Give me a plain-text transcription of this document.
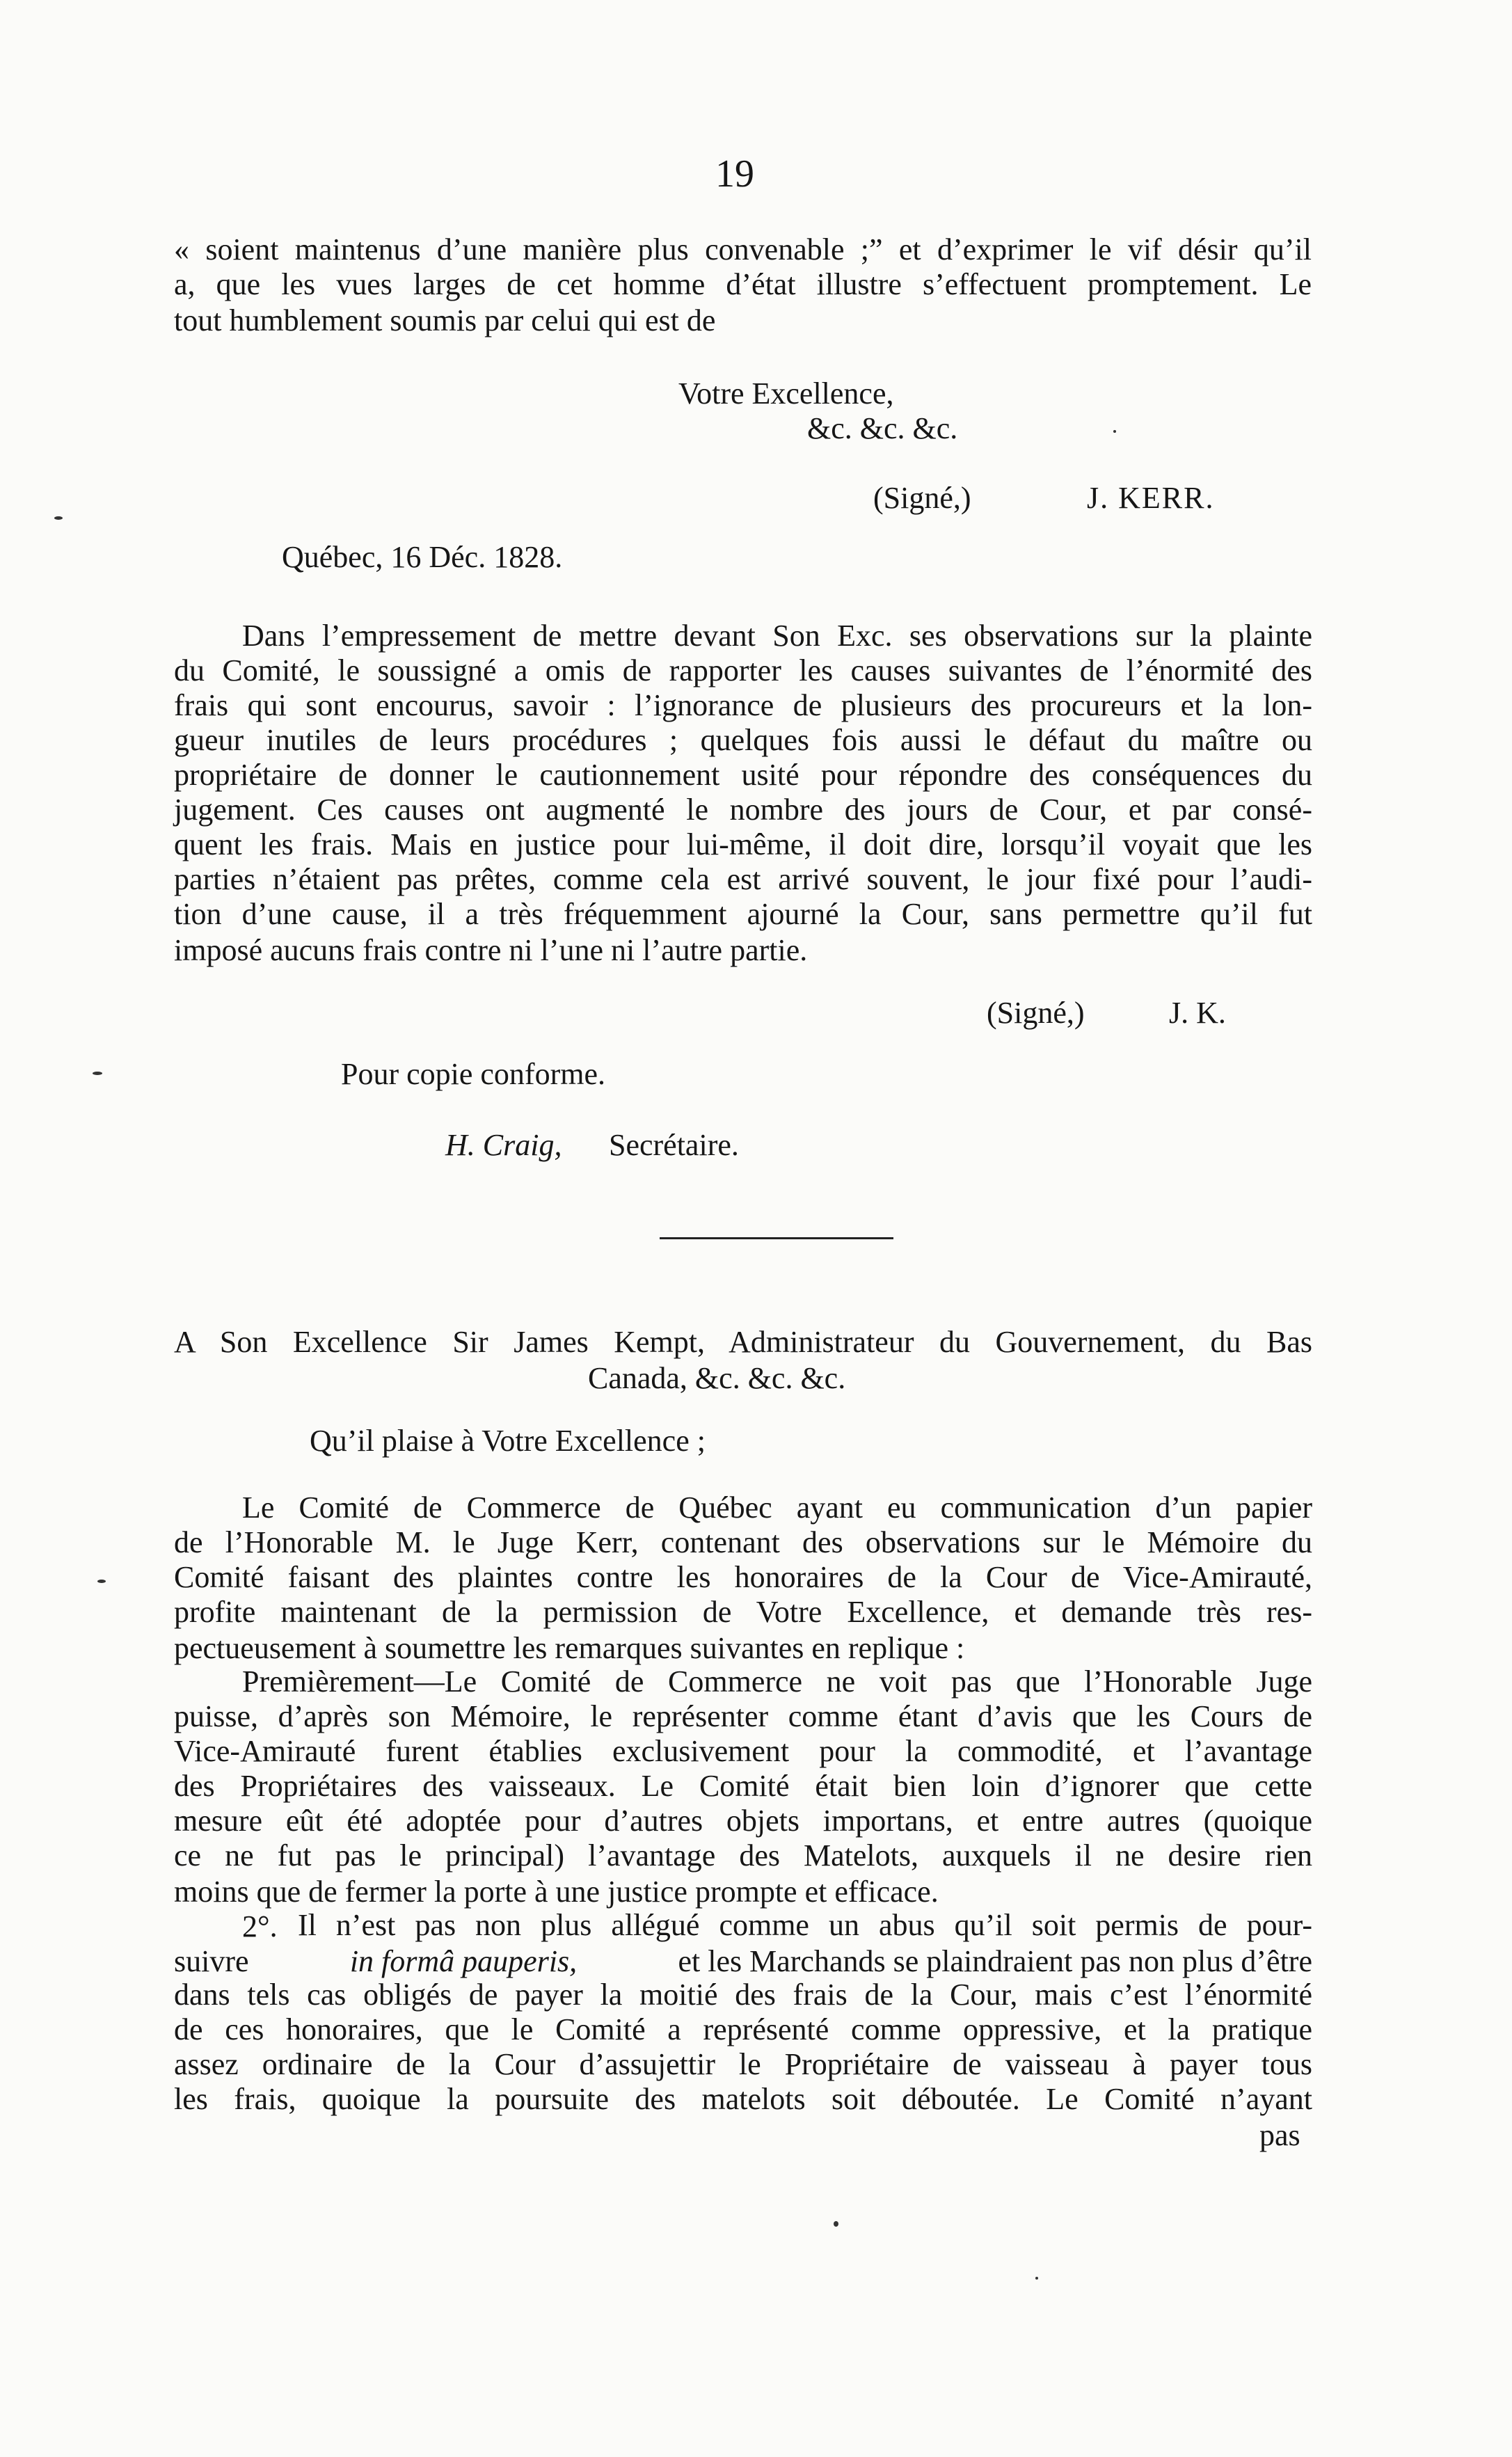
19
« soient maintenus d’une manière plus convenable ;” et d’exprimer le vif désir qu’il
a, que les vues larges de cet homme d’état illustre s’effectuent promptement. Le
tout humblement soumis par celui qui est de
Votre Excellence,
&c. &c. &c.
(Signé,)	J. KERR.
Québec, 16 Déc. 1828.
Dans l’empressement de mettre devant Son Exc. ses observations sur la plainte
du Comité, le soussigné a omis de rapporter les causes suivantes de l’énormité des
frais qui sont encourus, savoir : l’ignorance de plusieurs des procureurs et la lon-
gueur inutiles de leurs procédures ; quelques fois aussi le défaut du maître ou
propriétaire de donner le cautionnement usité pour répondre des conséquences du
jugement. Ces causes ont augmenté le nombre des jours de Cour, et par consé-
quent les frais. Mais en justice pour lui-même, il doit dire, lorsqu’il voyait que les
parties n’étaient pas prêtes, comme cela est arrivé souvent, le jour fixé pour l’audi-
tion d’une cause, il a très fréquemment ajourné la Cour, sans permettre qu’il fut
imposé aucuns frais contre ni l’une ni l’autre partie.
(Signé,)	J. K.
Pour copie conforme.
H. Craig, Secrétaire.
A Son Excellence Sir James Kempt, Administrateur du Gouvernement, du Bas
Canada, &c. &c. &c.
Qu’il plaise à Votre Excellence ;
Le Comité de Commerce de Québec ayant eu communication d’un papier
de l’Honorable M. le Juge Kerr, contenant des observations sur le Mémoire du
Comité faisant des plaintes contre les honoraires de la Cour de Vice-Amirauté,
profite maintenant de la permission de Votre Excellence, et demande très res-
pectueusement à soumettre les remarques suivantes en replique :
Premièrement—Le Comité de Commerce ne voit pas que l’Honorable Juge
puisse, d’après son Mémoire, le représenter comme étant d’avis que les Cours de
Vice-Amirauté furent établies exclusivement pour la commodité, et l’avantage
des Propriétaires des vaisseaux. Le Comité était bien loin d’ignorer que cette
mesure eût été adoptée pour d’autres objets importans, et entre autres (quoique
ce ne fut pas le principal) l’avantage des Matelots, auxquels il ne desire rien
moins que de fermer la porte à une justice prompte et efficace.
2°. Il n’est pas non plus allégué comme un abus qu’il soit permis de pour-
suivre	in formâ pauperis,	et les Marchands se plaindraient pas non plus d’être
dans tels cas obligés de payer la moitié des frais de la Cour, mais c’est l’énormité
de ces honoraires, que le Comité a représenté comme oppressive, et la pratique
assez ordinaire de la Cour d’assujettir le Propriétaire de vaisseau à payer tous
les frais, quoique la poursuite des matelots soit déboutée. Le Comité n’ayant
pas
